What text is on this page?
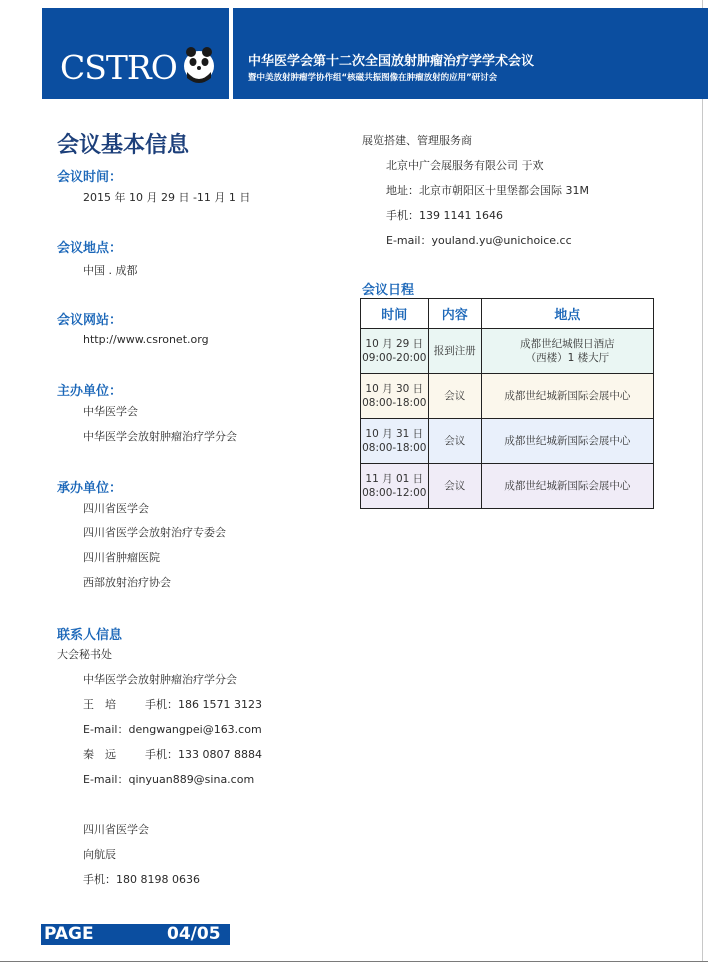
CSTRO	中华医学会第十二次全国放射肿瘤治疗学学术会议
暨中美放射肿瘤学协作组“核磁共振图像在肿瘤放射的应用”研讨会
会议基本信息
会议时间：
2015 年 10 月 29 日 -11 月 1 日
会议地点：
中国 . 成都
会议网站：
http://www.csronet.org
主办单位：
中华医学会
中华医学会放射肿瘤治疗学分会
承办单位：
四川省医学会
四川省医学会放射治疗专委会
四川省肿瘤医院
西部放射治疗协会
联系人信息
大会秘书处
中华医学会放射肿瘤治疗学分会
王　培	手机：186 1571 3123
E-mail：dengwangpei@163.com
秦　远	手机：133 0807 8884
E-mail：qinyuan889@sina.com
四川省医学会
向航辰
手机：180 8198 0636
展览搭建、管理服务商
北京中广会展服务有限公司 于欢
地址：北京市朝阳区十里堡都会国际 31M
手机：139 1141 1646
E-mail：youland.yu@unichoice.cc
会议日程
时间	内容	地点
10 月 29 日
09:00-20:00	报到注册	成都世纪城假日酒店
（西楼）1 楼大厅
10 月 30 日
08:00-18:00	会议	成都世纪城新国际会展中心
10 月 31 日
08:00-18:00	会议	成都世纪城新国际会展中心
11 月 01 日
08:00-12:00	会议	成都世纪城新国际会展中心
PAGE	04/05
